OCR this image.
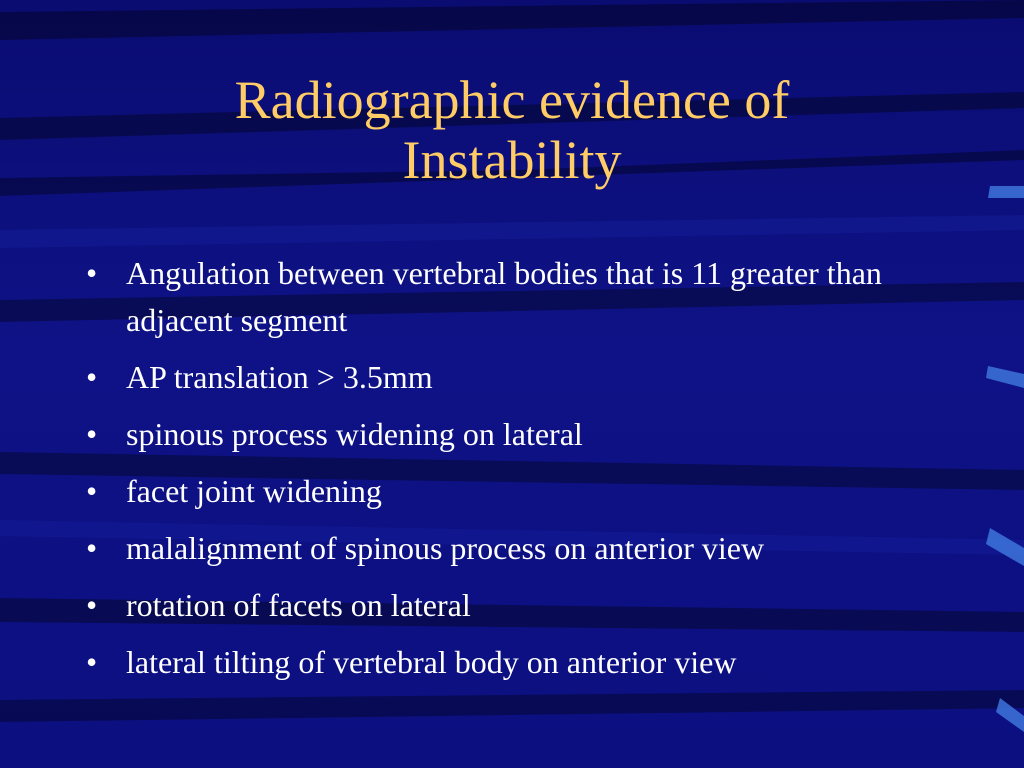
Radiographic evidence of
Instability
• Angulation between vertebral bodies that is 11 greater than adjacent segment
• AP translation > 3.5mm
• spinous process widening on lateral
• facet joint widening
• malalignment of spinous process on anterior view
• rotation of facets on lateral
• lateral tilting of vertebral body on anterior view
